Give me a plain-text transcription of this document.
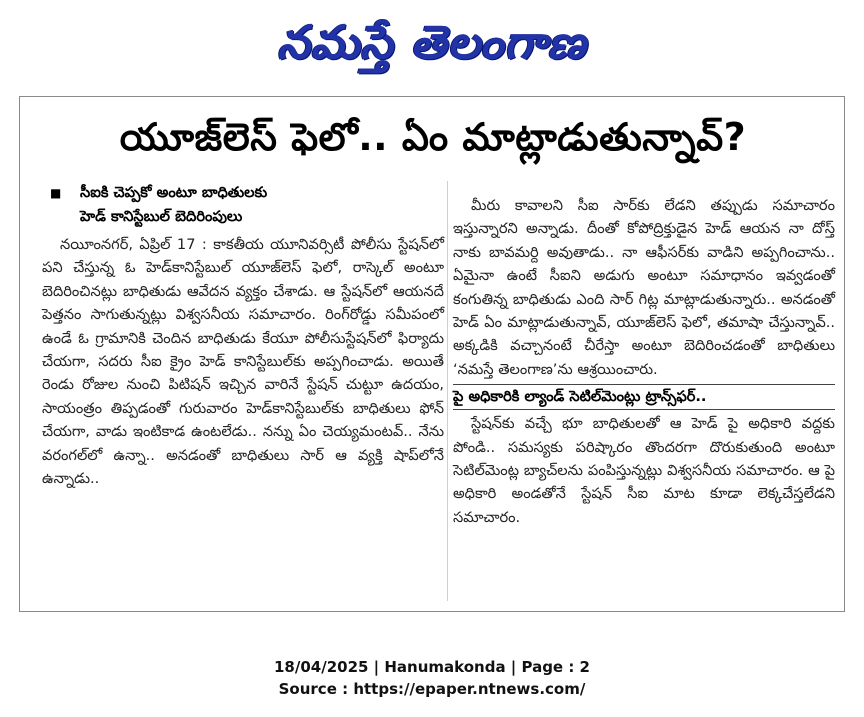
నమస్తే తెలంగాణ
యూజ్‌లెస్ ఫెలో.. ఏం మాట్లాడుతున్నావ్?
■	సీఐకి చెప్పకో అంటూ బాధితులకు
హెడ్ కానిస్టేబుల్ బెదిరింపులు
నయీంనగర్, ఏప్రిల్ 17 : కాకతీయ యూనివర్సిటీ పోలీసు స్టేషన్‌లో పని చేస్తున్న ఓ హెడ్‌కానిస్టేబుల్ యూజ్‌లెస్ ఫెలో, రాస్కెల్ అంటూ బెదిరించినట్లు బాధితుడు ఆవేదన వ్యక్తం చేశాడు. ఆ స్టేషన్‌లో ఆయనదే పెత్తనం సాగుతున్నట్లు విశ్వసనీయ సమాచారం. రింగ్‌రోడ్డు సమీపంలో ఉండే ఓ గ్రామానికి చెందిన బాధితుడు కేయూ పోలీసుస్టేషన్‌లో ఫిర్యాదు చేయగా, సదరు సీఐ క్రైం హెడ్ కానిస్టేబుల్‌కు అప్పగించాడు. అయితే రెండు రోజుల నుంచి పిటిషన్ ఇచ్చిన వారినే స్టేషన్ చుట్టూ ఉదయం, సాయంత్రం తిప్పడంతో గురువారం హెడ్‌కానిస్టేబుల్‌కు బాధితులు ఫోన్ చేయగా, వాడు ఇంటికాడ ఉంటలేడు.. నన్ను ఏం చెయ్యమంటవ్.. నేను వరంగల్‌లో ఉన్నా.. అనడంతో బాధితులు సార్ ఆ వ్యక్తి షాప్‌లోనే ఉన్నాడు..
మీరు కావాలని సీఐ సార్‌కు లేడని తప్పుడు సమాచారం ఇస్తున్నారని అన్నాడు. దీంతో కోపోద్రిక్తుడైన హెడ్ ఆయన నా దోస్త్ నాకు బావమర్ది అవుతాడు.. నా ఆఫీసర్‌కు వాడిని అప్పగించాను.. ఏమైనా ఉంటే సీఐని అడుగు అంటూ సమాధానం ఇవ్వడంతో కంగుతిన్న బాధితుడు ఎంది సార్ గిట్ల మాట్లాడుతున్నారు.. అనడంతో హెడ్ ఏం మాట్లాడుతున్నావ్, యూజ్‌లెస్ ఫెలో, తమాషా చేస్తున్నావ్.. అక్కడికి వచ్చానంటే చీరేస్తా అంటూ బెదిరించడంతో బాధితులు ‘నమస్తే తెలంగాణ’ను ఆశ్రయించారు.
పై అధికారికి ల్యాండ్ సెటిల్‌మెంట్లు ట్రాన్స్‌ఫర్..
స్టేషన్‌కు వచ్చే భూ బాధితులతో ఆ హెడ్ పై అధికారి వద్దకు పోండి.. సమస్యకు పరిష్కారం తొందరగా దొరుకుతుంది అంటూ సెటిల్‌మెంట్ల బ్యాచ్‌లను పంపిస్తున్నట్లు విశ్వసనీయ సమాచారం. ఆ పై అధికారి అండతోనే స్టేషన్ సీఐ మాట కూడా లెక్కచేస్తలేడని సమాచారం.
18/04/2025 | Hanumakonda | Page : 2
Source : https://epaper.ntnews.com/
